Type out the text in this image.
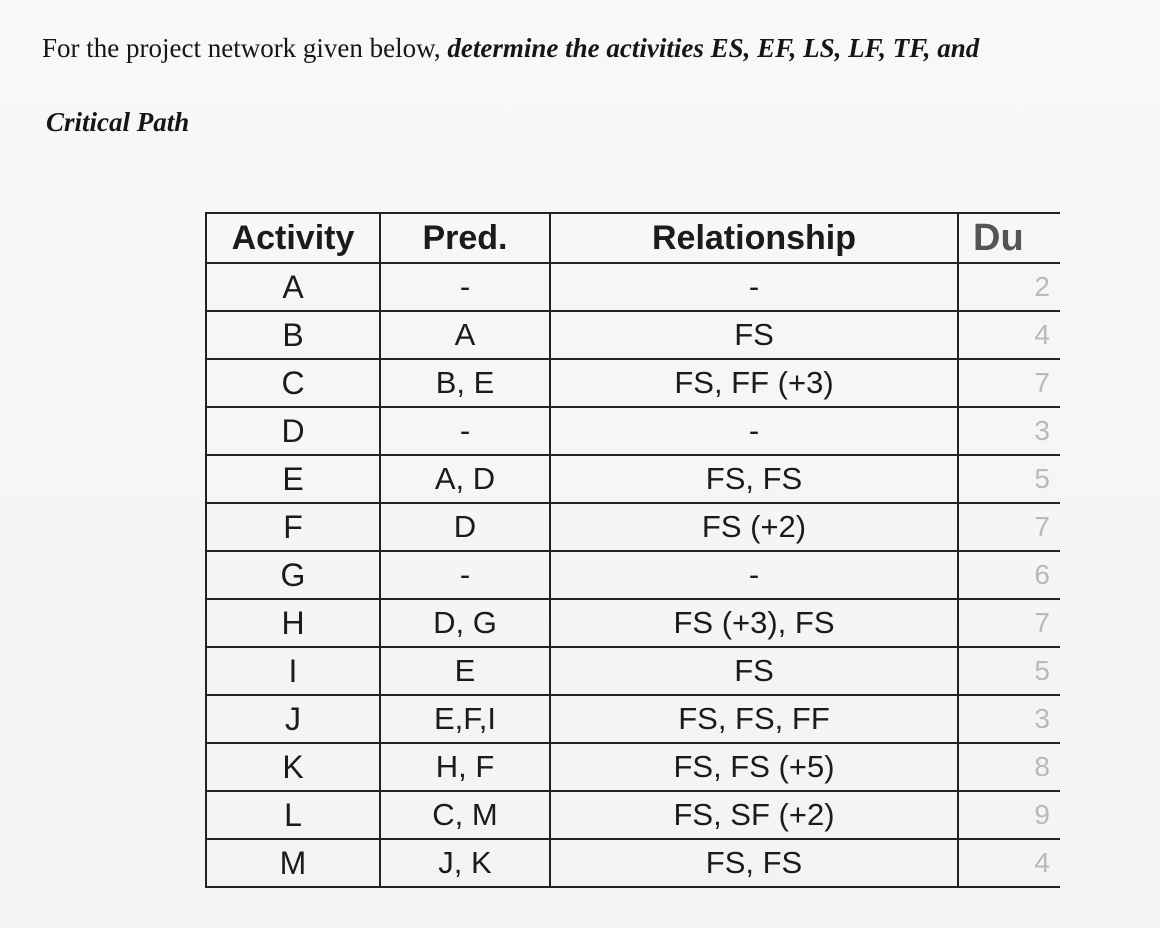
For the project network given below, determine the activities ES, EF, LS, LF, TF, and
Critical Path
Activity	Pred.	Relationship	Du
A	-	-	2
B	A	FS	4
C	B, E	FS, FF (+3)	7
D	-	-	3
E	A, D	FS, FS	5
F	D	FS (+2)	7
G	-	-	6
H	D, G	FS (+3), FS	7
I	E	FS	5
J	E,F,I	FS, FS, FF	3
K	H, F	FS, FS (+5)	8
L	C, M	FS, SF (+2)	9
M	J, K	FS, FS	4
